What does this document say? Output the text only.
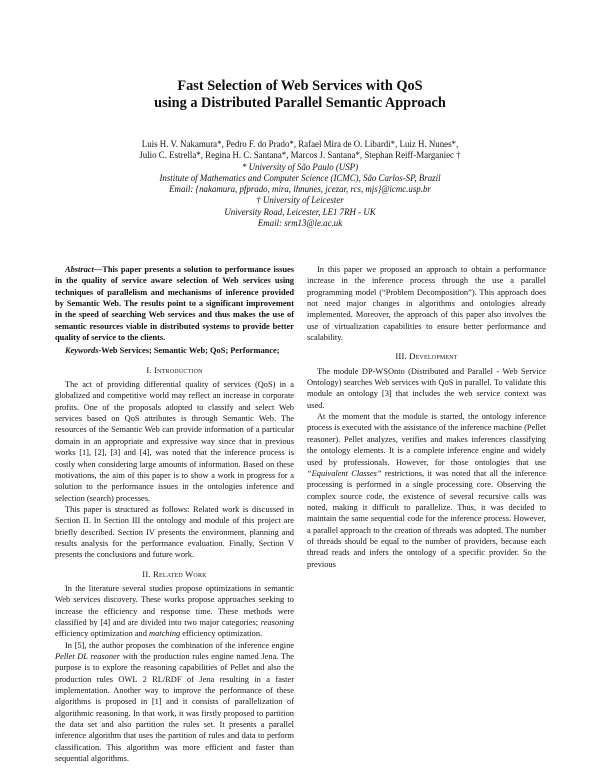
Fast Selection of Web Services with QoS
using a Distributed Parallel Semantic Approach
Luis H. V. Nakamura*, Pedro F. do Prado*, Rafael Mira de O. Libardi*, Luiz H. Nunes*,
Julio C. Estrella*, Regina H. C. Santana*, Marcos J. Santana*, Stephan Reiff-Marganiec †
* University of São Paulo (USP)
Institute of Mathematics and Computer Science (ICMC), São Carlos-SP, Brazil
Email: {nakamura, pfprado, mira, lhnunes, jcezar, rcs, mjs}@icmc.usp.br
† University of Leicester
University Road, Leicester, LE1 7RH - UK
Email: srm13@le.ac.uk

Abstract—This paper presents a solution to performance issues in the quality of service aware selection of Web services using techniques of parallelism and mechanisms of inference provided by Semantic Web. The results point to a significant improvement in the speed of searching Web services and thus makes the use of semantic resources viable in distributed systems to provide better quality of service to the clients.

Keywords-Web Services; Semantic Web; QoS; Performance;

I. Introduction

The act of providing differential quality of services (QoS) in a globalized and competitive world may reflect an increase in corporate profits. One of the proposals adopted to classify and select Web services based on QoS attributes is through Semantic Web. The resources of the Semantic Web can provide information of a particular domain in an appropriate and expressive way since that in previous works [1], [2], [3] and [4], was noted that the inference process is costly when considering large amounts of information. Based on these motivations, the aim of this paper is to show a work in progress for a solution to the performance issues in the ontologies inference and selection (search) processes.

This paper is structured as follows: Related work is discussed in Section II. In Section III the ontology and module of this project are briefly described. Section IV presents the environment, planning and results analysis for the performance evaluation. Finally, Section V presents the conclusions and future work.

II. Related Work

In the literature several studies propose optimizations in semantic Web services discovery. These works propose approaches seeking to increase the efficiency and response time. These methods were classified by [4] and are divided into two major categories; reasoning efficiency optimization and matching efficiency optimization.

In [5], the author proposes the combination of the inference engine Pellet DL reasoner with the production rules engine named Jena. The purpose is to explore the reasoning capabilities of Pellet and also the production rules OWL 2 RL/RDF of Jena resulting in a faster implementation. Another way to improve the performance of these algorithms is proposed in [1] and it consists of parallelization of algorithmic reasoning. In that work, it was firstly proposed to partition the data set and also partition the rules set. It presents a parallel inference algorithm that uses the partition of rules and data to perform classification. This algorithm was more efficient and faster than sequential algorithms.

In this paper we proposed an approach to obtain a performance increase in the inference process through the use a parallel programming model (“Problem Decomposition”). This approach does not need major changes in algorithms and ontologies already implemented. Moreover, the approach of this paper also involves the use of virtualization capabilities to ensure better performance and scalability.

III. Development

The module DP-WSOnto (Distributed and Parallel - Web Service Ontology) searches Web services with QoS in parallel. To validate this module an ontology [3] that includes the web service context was used.

At the moment that the module is started, the ontology inference process is executed with the assistance of the inference machine (Pellet reasoner). Pellet analyzes, verifies and makes inferences classifying the ontology elements. It is a complete inference engine and widely used by professionals. However, for those ontologies that use “Equivalent Classes” restrictions, it was noted that all the inference processing is performed in a single processing core. Observing the complex source code, the existence of several recursive calls was noted, making it difficult to parallelize. Thus, it was decided to maintain the same sequential code for the inference process. However, a parallel approach to the creation of threads was adopted. The number of threads should be equal to the number of providers, because each thread reads and infers the ontology of a specific provider. So the previous
